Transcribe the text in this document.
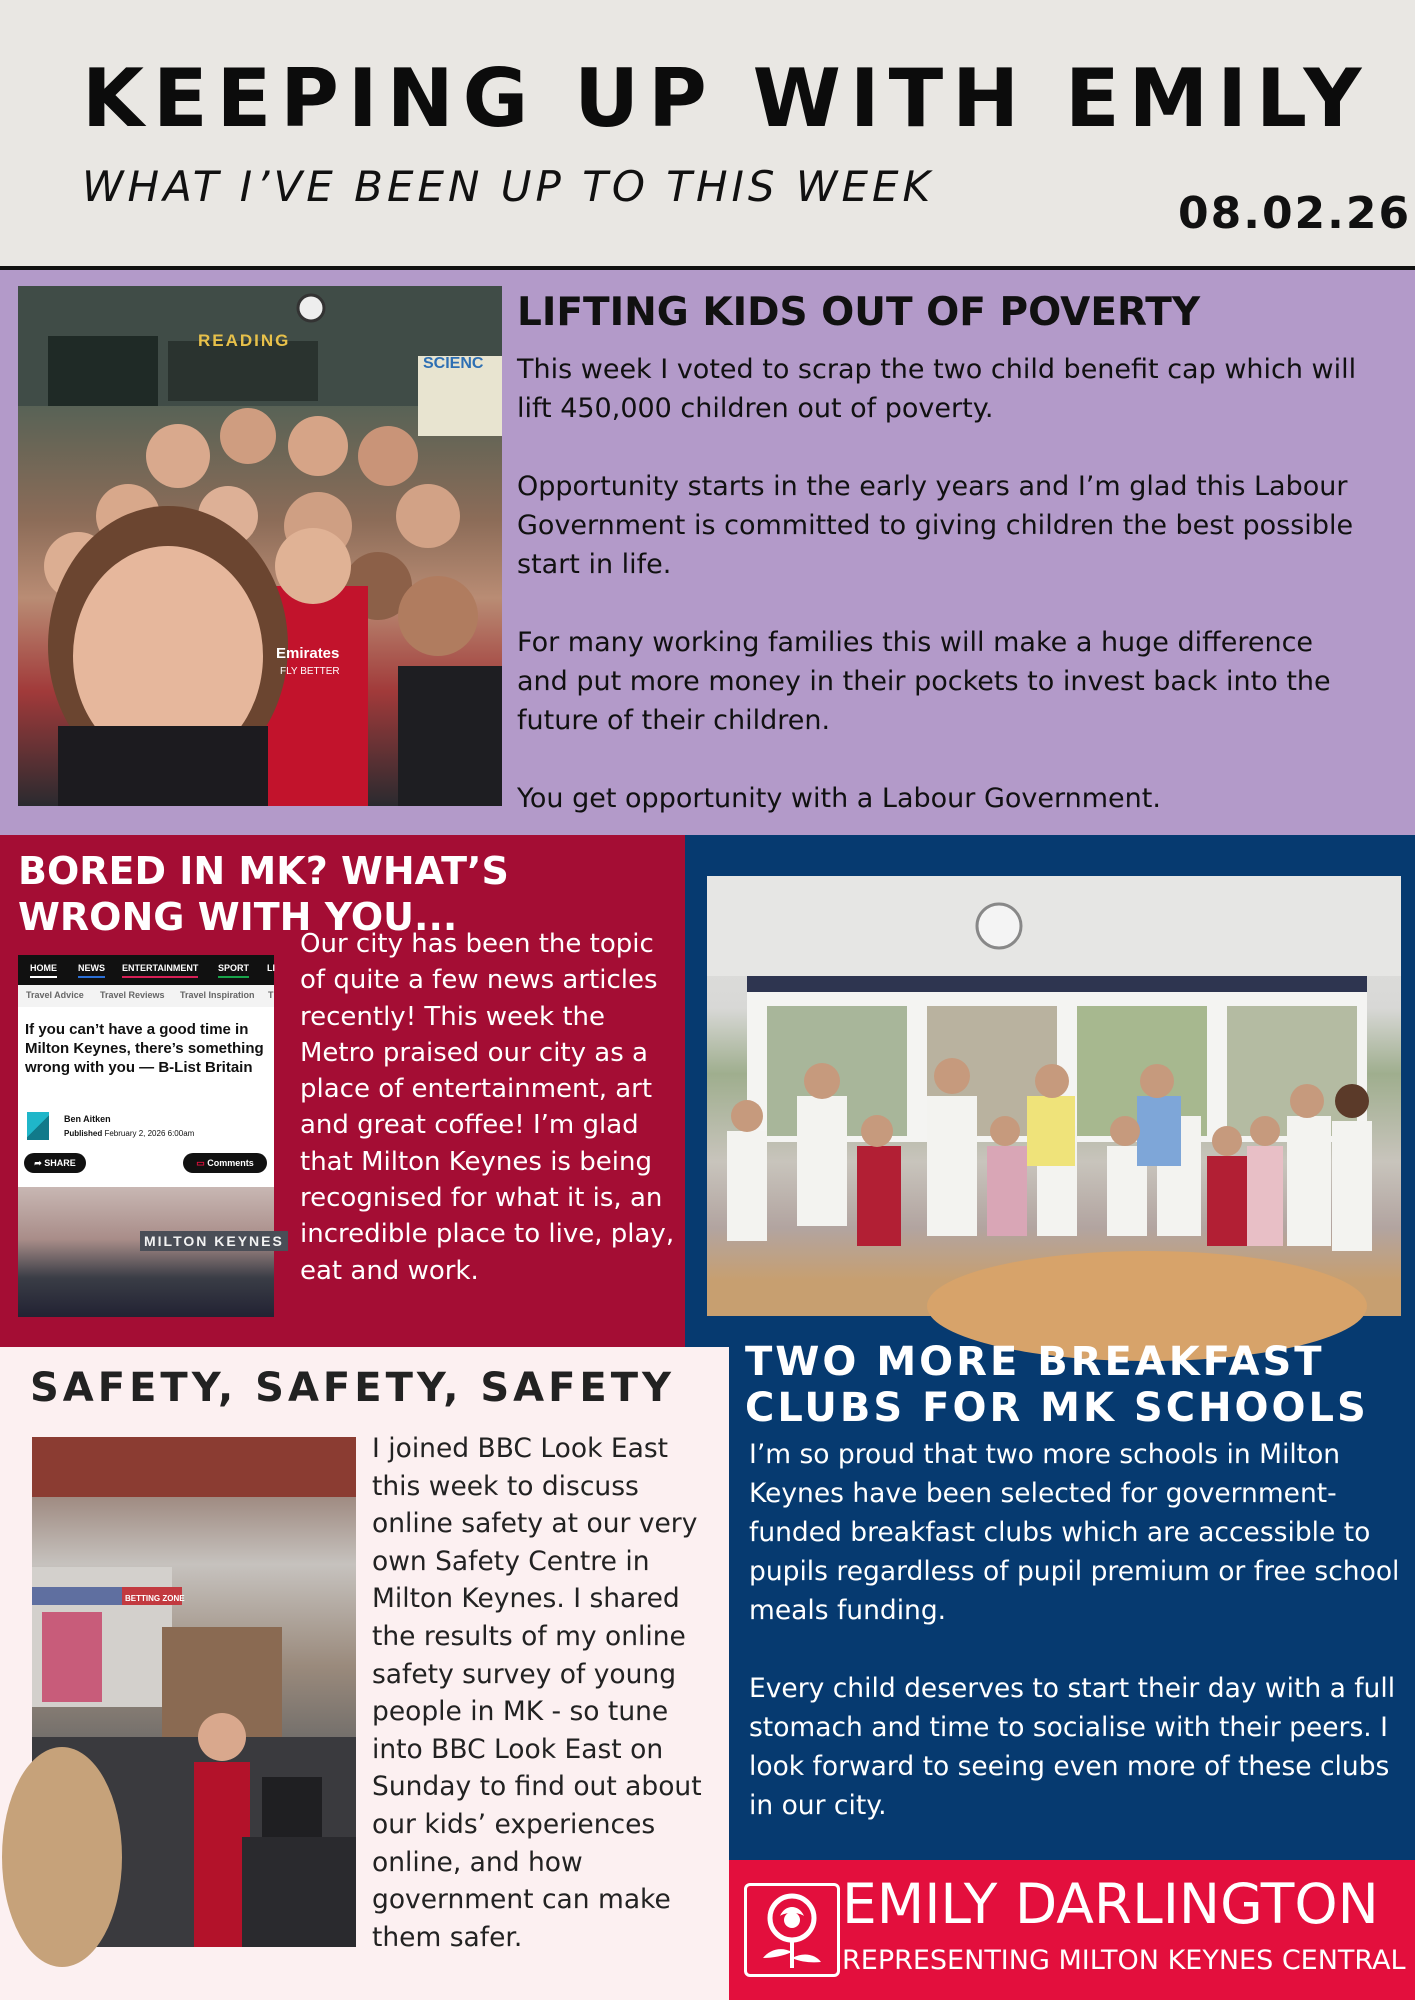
KEEPING UP WITH EMILY
WHAT I’VE BEEN UP TO THIS WEEK
08.02.26
READING
SCIENC
Emirates
FLY BETTER
LIFTING KIDS OUT OF POVERTY

This week I voted to scrap the two child benefit cap which will lift 450,000 children out of poverty.

Opportunity starts in the early years and I’m glad this Labour Government is committed to giving children the best possible start in life.

For many working families this will make a huge difference and put more money in their pockets to invest back into the future of their children.

You get opportunity with a Labour Government.

BORED IN MK? WHAT’S WRONG WITH YOU...
Our city has been the topic of quite a few news articles recently! This week the Metro praised our city as a place of entertainment, art and great coffee! I’m glad that Milton Keynes is being recognised for what it is, an incredible place to live, play, eat and work.
HOME NEWS ENTERTAINMENT SPORT LI
Travel Advice Travel Reviews Travel Inspiration T
If you can’t have a good time in Milton Keynes, there’s something wrong with you — B-List Britain
Ben Aitken
Published February 2, 2026 6:00am
➦ SHARE	▭ Comments
MILTON KEYNES
TWO MORE BREAKFAST CLUBS FOR MK SCHOOLS

I’m so proud that two more schools in Milton Keynes have been selected for government-funded breakfast clubs which are accessible to pupils regardless of pupil premium or free school meals funding.

Every child deserves to start their day with a full stomach and time to socialise with their peers. I look forward to seeing even more of these clubs in our city.

SAFETY, SAFETY, SAFETY
BETTING ZONE
I joined BBC Look East this week to discuss online safety at our very own Safety Centre in Milton Keynes. I shared the results of my online safety survey of young people in MK - so tune into BBC Look East on Sunday to find out about our kids’ experiences online, and how government can make them safer.
EMILY DARLINGTON
REPRESENTING MILTON KEYNES CENTRAL
